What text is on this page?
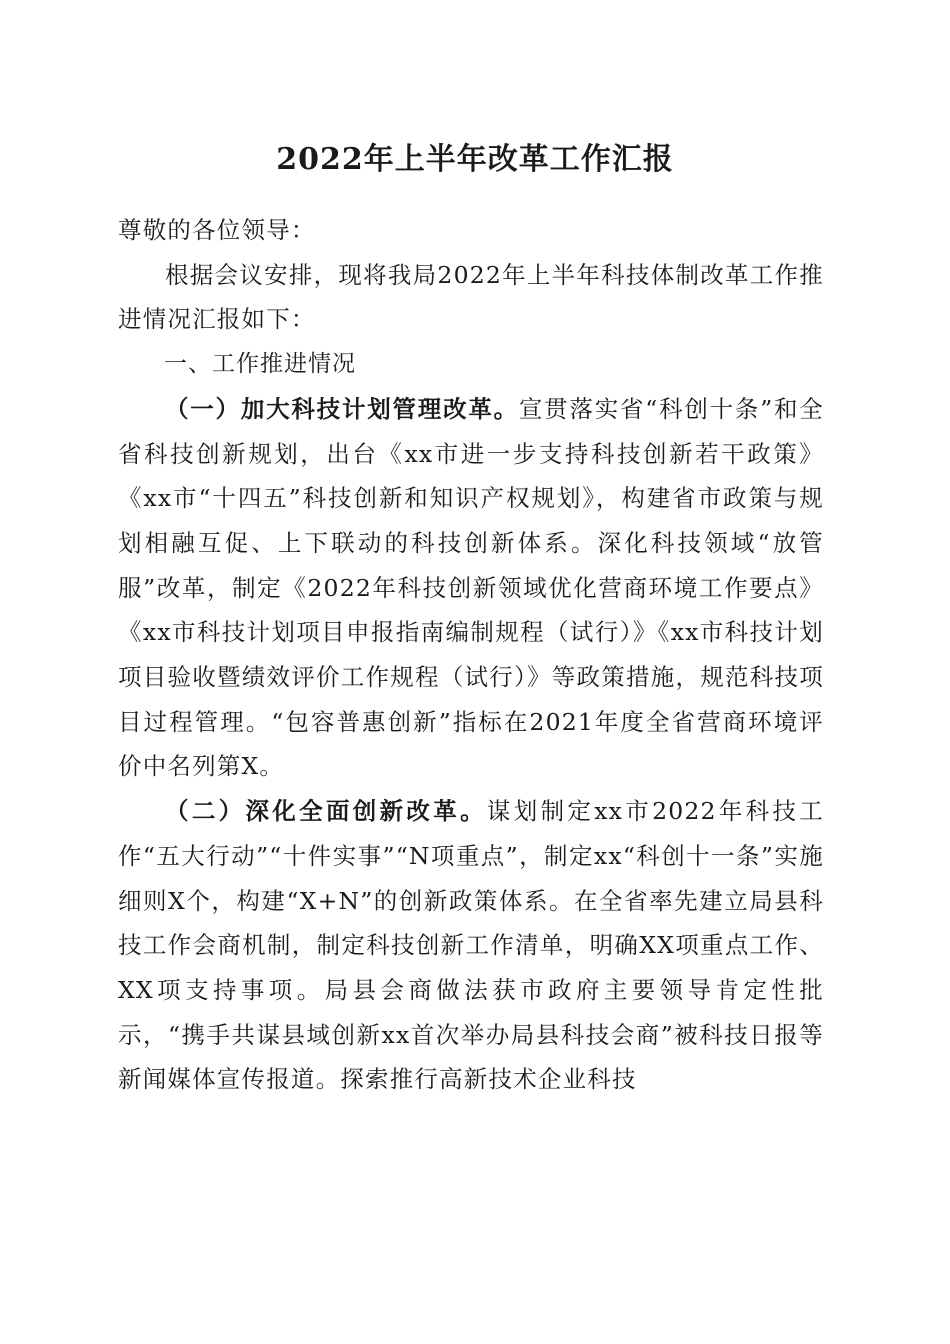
2022年上半年改革工作汇报

尊敬的各位领导：

根据会议安排，现将我局2022年上半年科技体制改革工作推进情况汇报如下：

一、工作推进情况

（一）加大科技计划管理改革。宣贯落实省“科创十条”和全省科技创新规划，出台《xx市进一步支持科技创新若干政策》《xx市“十四五”科技创新和知识产权规划》，构建省市政策与规划相融互促、上下联动的科技创新体系。深化科技领域“放管服”改革，制定《2022年科技创新领域优化营商环境工作要点》《xx市科技计划项目申报指南编制规程（试行）》《xx市科技计划项目验收暨绩效评价工作规程（试行）》等政策措施，规范科技项目过程管理。“包容普惠创新”指标在2021年度全省营商环境评价中名列第X。

（二）深化全面创新改革。谋划制定xx市2022年科技工作“五大行动”“十件实事”“N项重点”，制定xx“科创十一条”实施细则X个，构建“X+N”的创新政策体系。在全省率先建立局县科技工作会商机制，制定科技创新工作清单，明确XX项重点工作、XX项支持事项。局县会商做法获市政府主要领导肯定性批示，“携手共谋县域创新xx首次举办局县科技会商”被科技日报等新闻媒体宣传报道。探索推行高新技术企业科技
